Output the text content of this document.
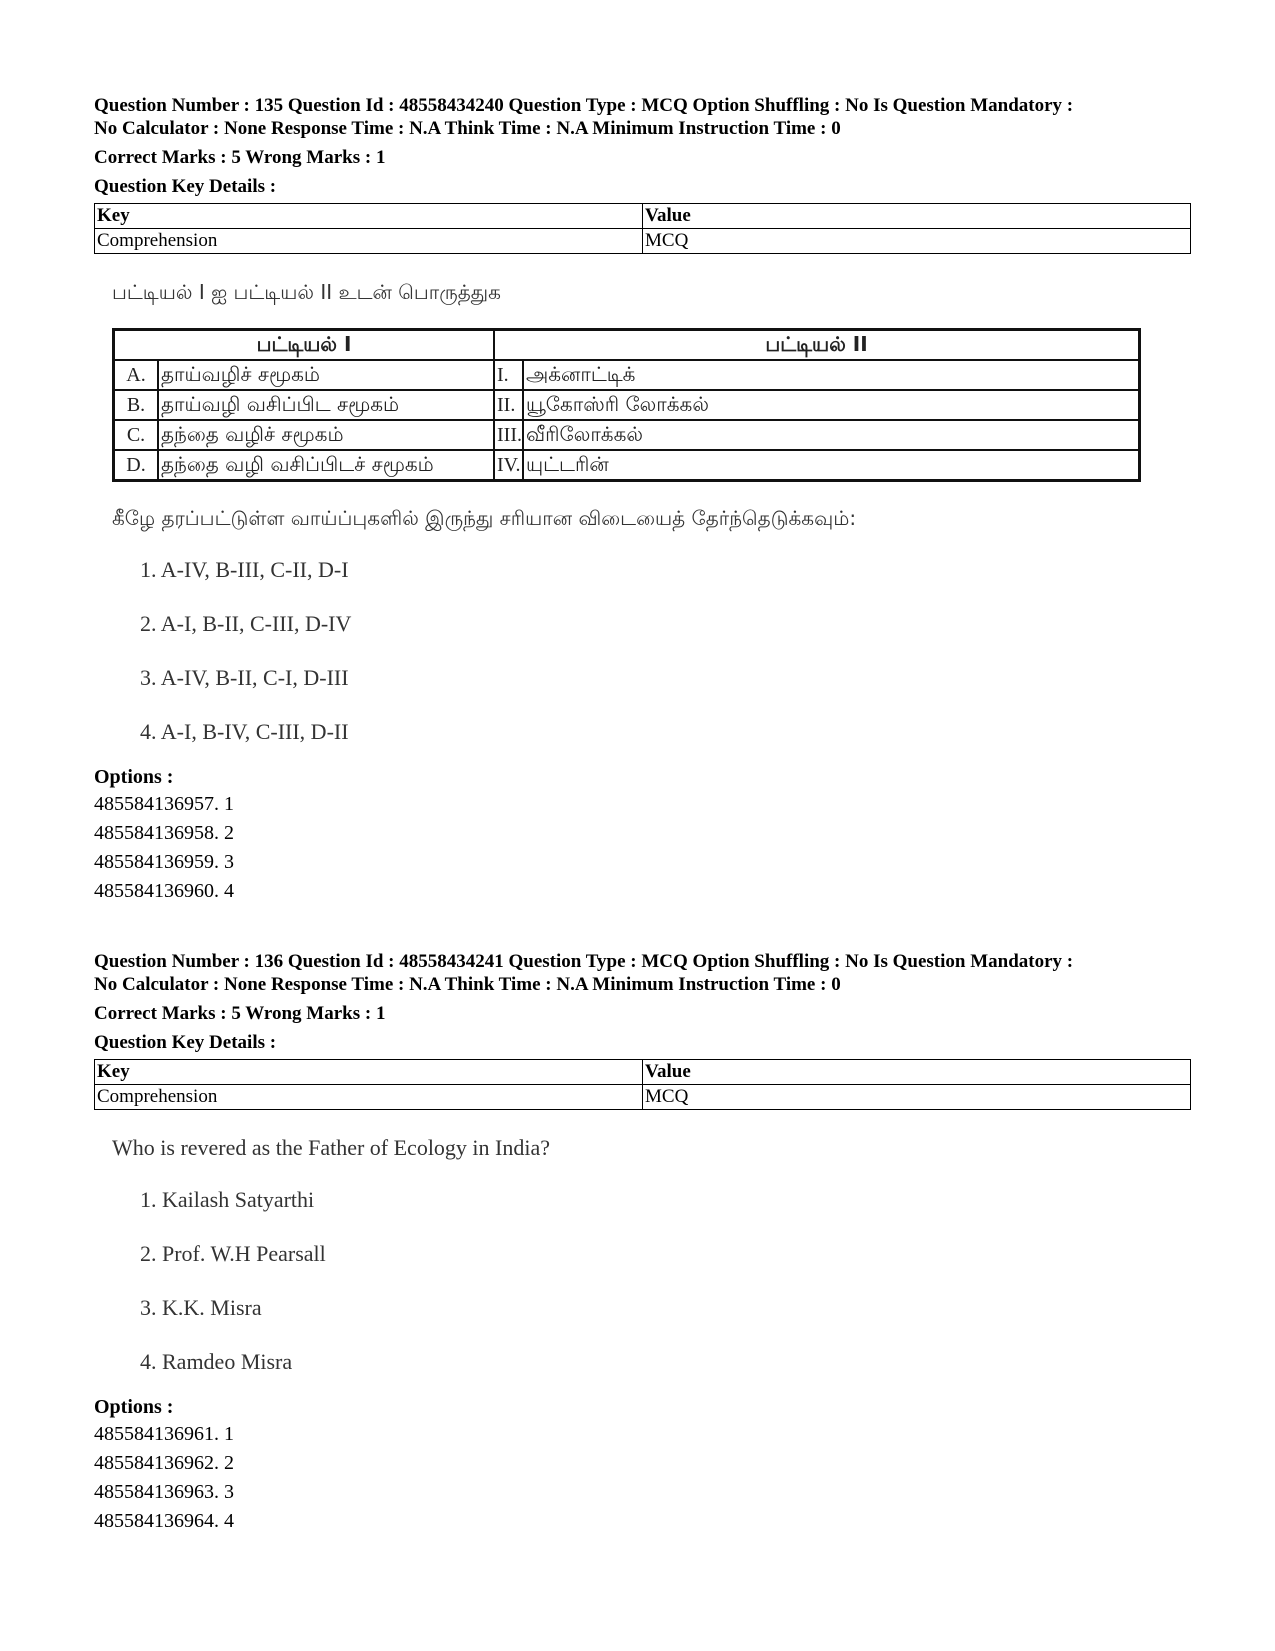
Question Number : 135 Question Id : 48558434240 Question Type : MCQ Option Shuffling : No Is Question Mandatory :
No Calculator : None Response Time : N.A Think Time : N.A Minimum Instruction Time : 0
Correct Marks : 5 Wrong Marks : 1
Question Key Details :
Key	Value
Comprehension	MCQ
பட்டியல் I ஐ பட்டியல் II உடன் பொருத்துக
பட்டியல் I		பட்டியல் II	
A.	தாய்வழிச் சமூகம்	I.	அக்னாட்டிக்
B.	தாய்வழி வசிப்பிட சமூகம்	II.	யூகோஸ்ரி லோக்கல்
C.	தந்தை வழிச் சமூகம்	III.	வீரிலோக்கல்
D.	தந்தை வழி வசிப்பிடச் சமூகம்	IV.	யுட்டரின்
கீழே தரப்பட்டுள்ள வாய்ப்புகளில் இருந்து சரியான விடையைத் தேர்ந்தெடுக்கவும்:
1. A-IV, B-III, C-II, D-I
2. A-I, B-II, C-III, D-IV
3. A-IV, B-II, C-I, D-III
4. A-I, B-IV, C-III, D-II
Options :
485584136957. 1
485584136958. 2
485584136959. 3
485584136960. 4
Question Number : 136 Question Id : 48558434241 Question Type : MCQ Option Shuffling : No Is Question Mandatory :
No Calculator : None Response Time : N.A Think Time : N.A Minimum Instruction Time : 0
Correct Marks : 5 Wrong Marks : 1
Question Key Details :
Key	Value
Comprehension	MCQ
Who is revered as the Father of Ecology in India?
1. Kailash Satyarthi
2. Prof. W.H Pearsall
3. K.K. Misra
4. Ramdeo Misra
Options :
485584136961. 1
485584136962. 2
485584136963. 3
485584136964. 4
